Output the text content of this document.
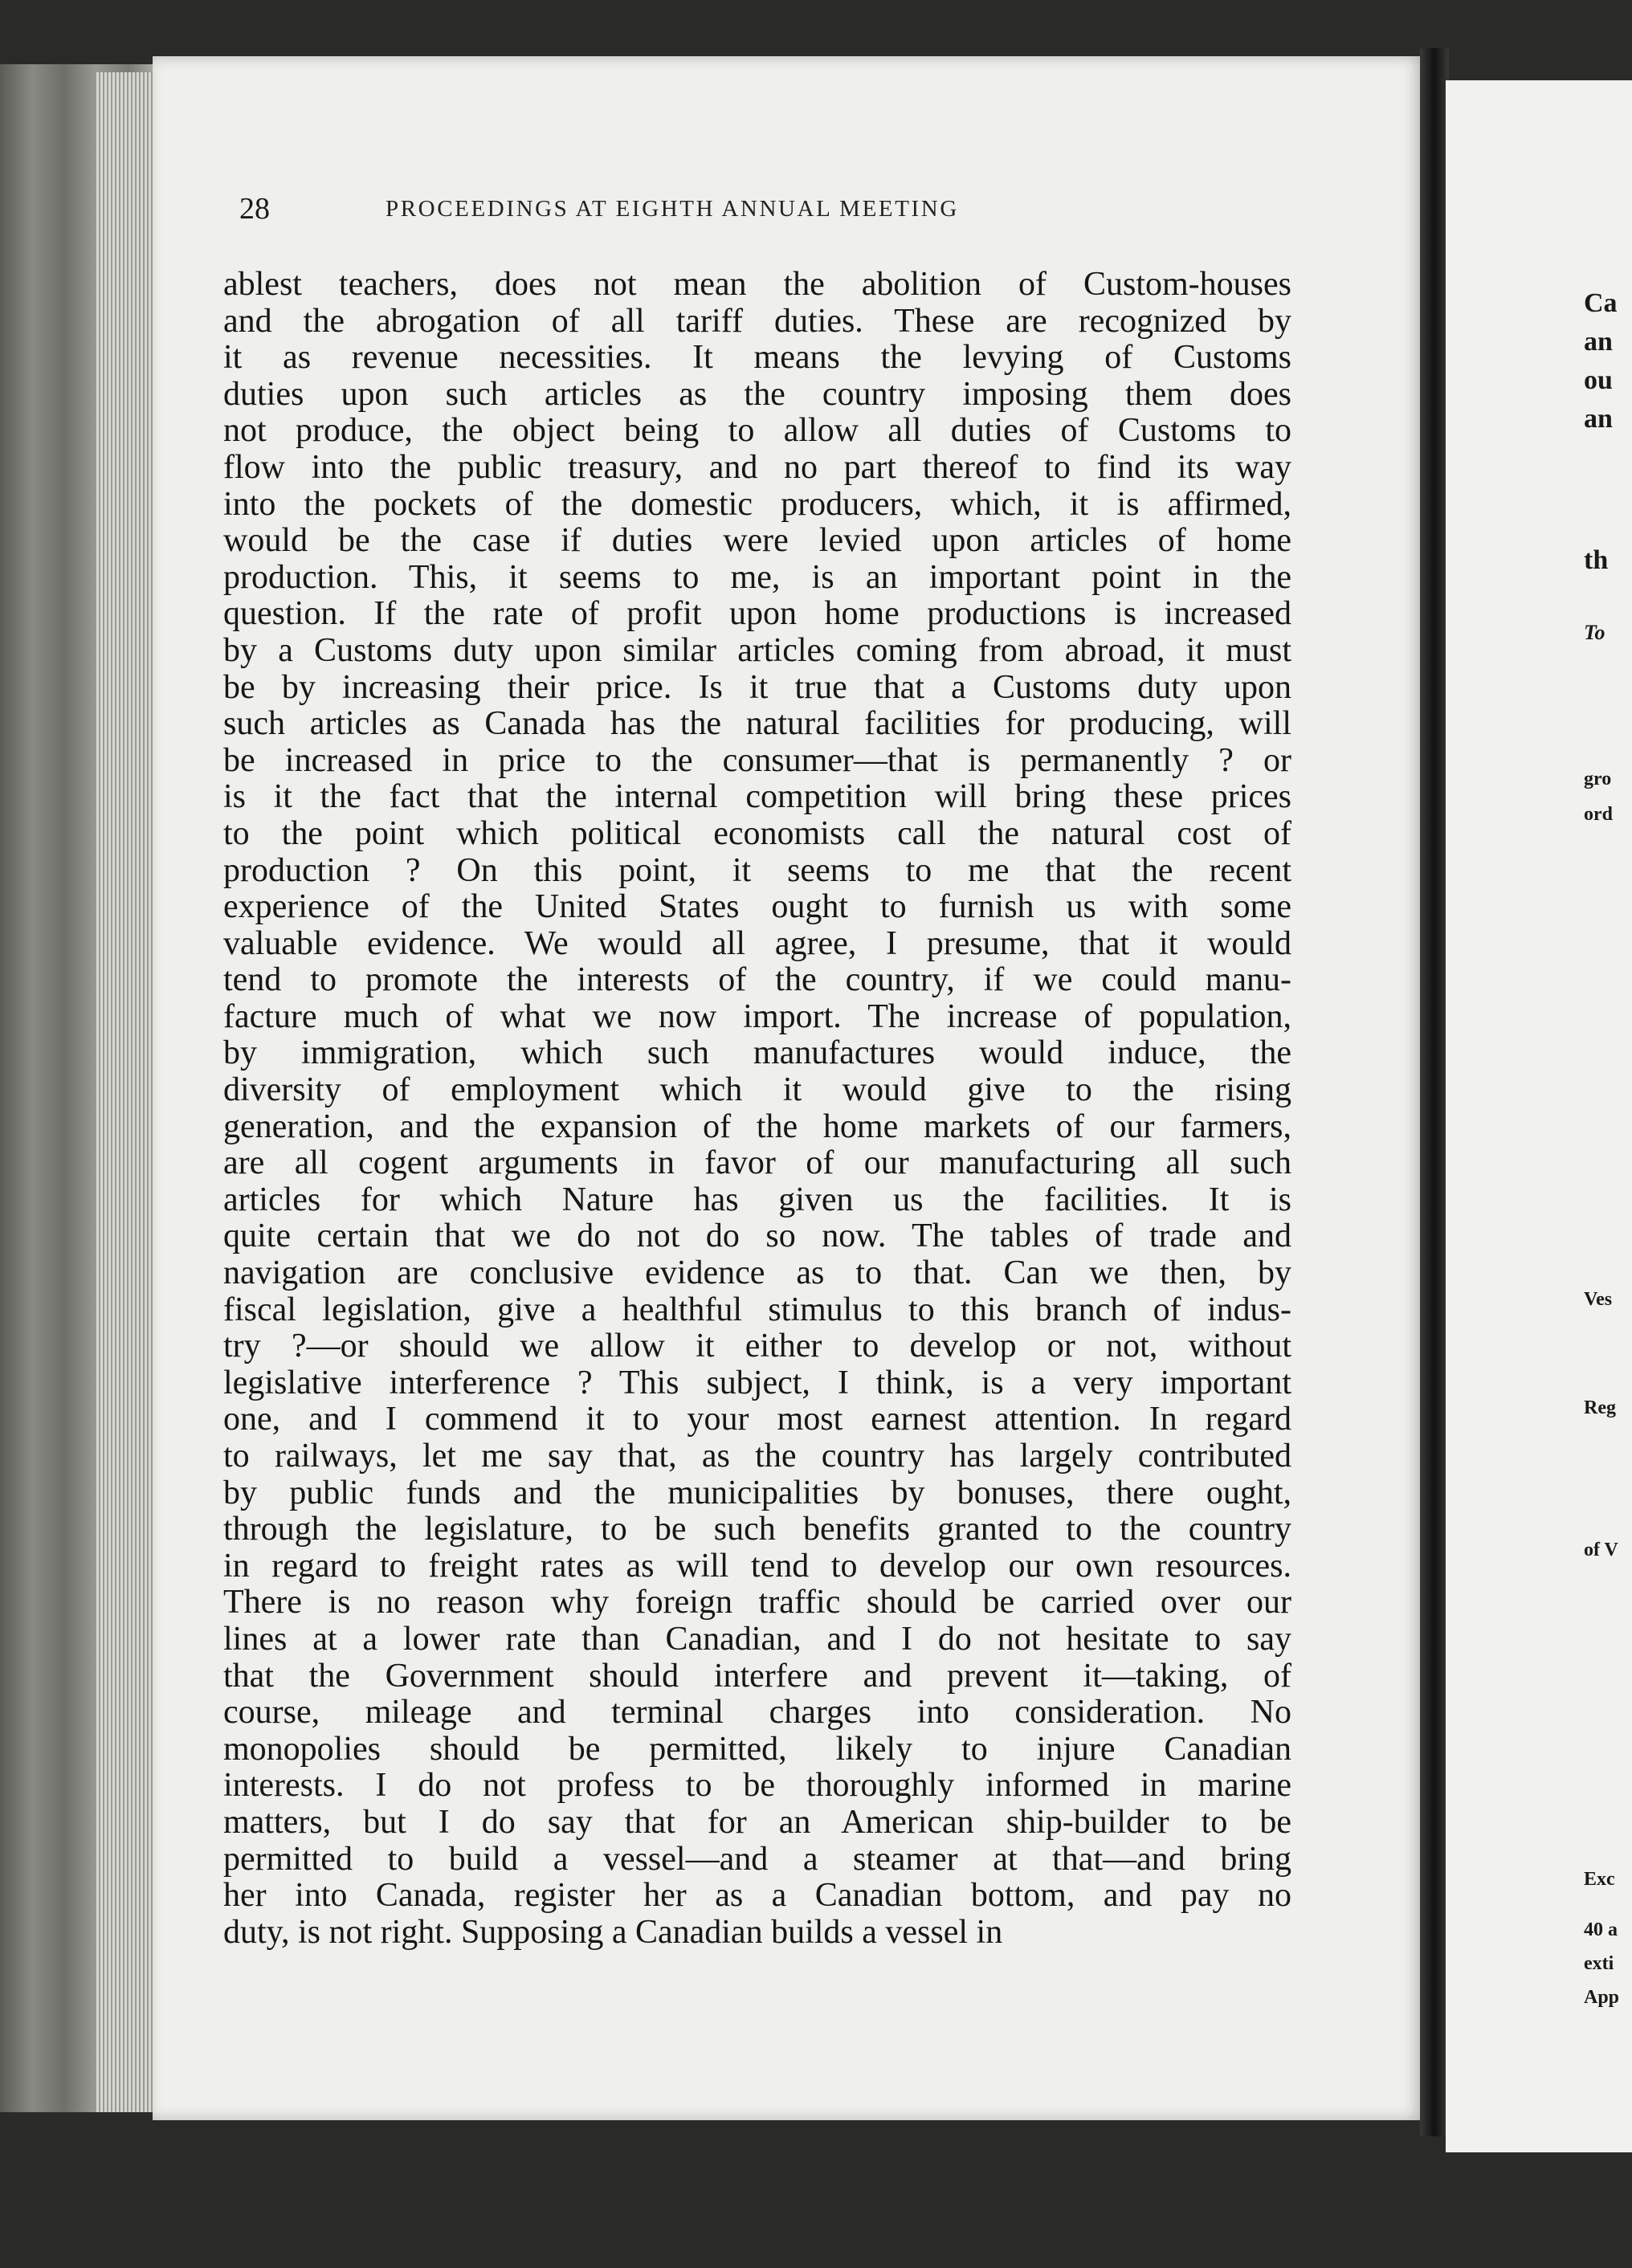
28	PROCEEDINGS AT EIGHTH ANNUAL MEETING
ablest teachers, does not mean the abolition of Custom-houses
and the abrogation of all tariff duties. These are recognized by
it as revenue necessities. It means the levying of Customs
duties upon such articles as the country imposing them does
not produce, the object being to allow all duties of Customs to
flow into the public treasury, and no part thereof to find its way
into the pockets of the domestic producers, which, it is affirmed,
would be the case if duties were levied upon articles of home
production. This, it seems to me, is an important point in the
question. If the rate of profit upon home productions is increased
by a Customs duty upon similar articles coming from abroad, it must
be by increasing their price. Is it true that a Customs duty upon
such articles as Canada has the natural facilities for producing, will
be increased in price to the consumer—that is permanently ? or
is it the fact that the internal competition will bring these prices
to the point which political economists call the natural cost of
production ? On this point, it seems to me that the recent
experience of the United States ought to furnish us with some
valuable evidence. We would all agree, I presume, that it would
tend to promote the interests of the country, if we could manu-
facture much of what we now import. The increase of population,
by immigration, which such manufactures would induce, the
diversity of employment which it would give to the rising
generation, and the expansion of the home markets of our farmers,
are all cogent arguments in favor of our manufacturing all such
articles for which Nature has given us the facilities. It is
quite certain that we do not do so now. The tables of trade and
navigation are conclusive evidence as to that. Can we then, by
fiscal legislation, give a healthful stimulus to this branch of indus-
try ?—or should we allow it either to develop or not, without
legislative interference ? This subject, I think, is a very important
one, and I commend it to your most earnest attention. In regard
to railways, let me say that, as the country has largely contributed
by public funds and the municipalities by bonuses, there ought,
through the legislature, to be such benefits granted to the country
in regard to freight rates as will tend to develop our own resources.
There is no reason why foreign traffic should be carried over our
lines at a lower rate than Canadian, and I do not hesitate to say
that the Government should interfere and prevent it—taking, of
course, mileage and terminal charges into consideration. No
monopolies should be permitted, likely to injure Canadian
interests. I do not profess to be thoroughly informed in marine
matters, but I do say that for an American ship-builder to be
permitted to build a vessel—and a steamer at that—and bring
her into Canada, register her as a Canadian bottom, and pay no
duty, is not right. Supposing a Canadian builds a vessel in
Ca
an
ou
an
th
To
gro
ord
Ves
Reg
of V
Exc
40 a
exti
App
